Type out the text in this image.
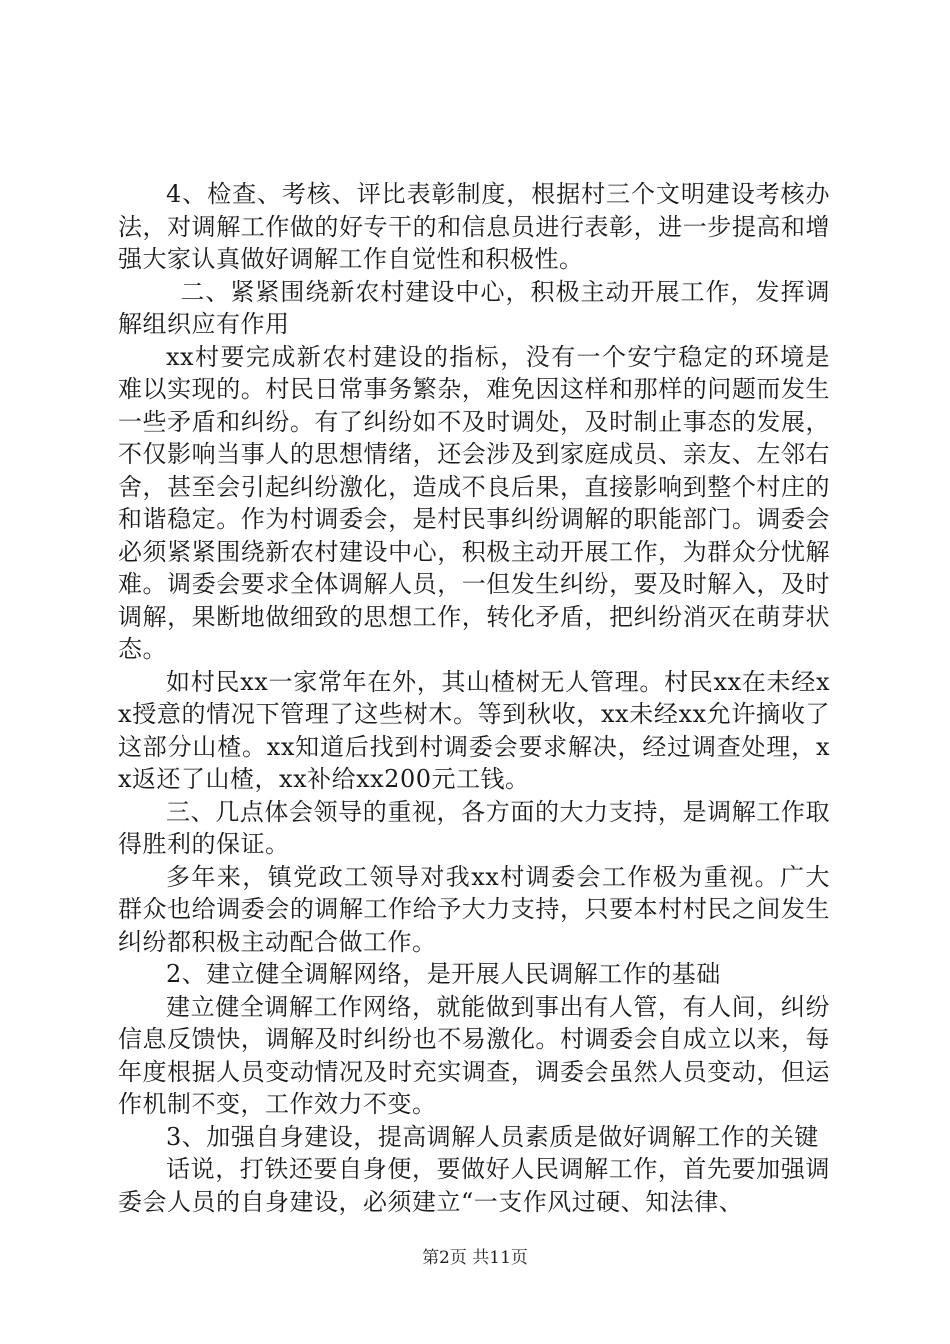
4、检查、考核、评比表彰制度，根据村三个文明建设考核办法，对调解工作做的好专干的和信息员进行表彰，进一步提高和增强大家认真做好调解工作自觉性和积极性。

二、紧紧围绕新农村建设中心，积极主动开展工作，发挥调解组织应有作用

xx村要完成新农村建设的指标，没有一个安宁稳定的环境是难以实现的。村民日常事务繁杂，难免因这样和那样的问题而发生一些矛盾和纠纷。有了纠纷如不及时调处，及时制止事态的发展，不仅影响当事人的思想情绪，还会涉及到家庭成员、亲友、左邻右舍，甚至会引起纠纷激化，造成不良后果，直接影响到整个村庄的和谐稳定。作为村调委会，是村民事纠纷调解的职能部门。调委会必须紧紧围绕新农村建设中心，积极主动开展工作，为群众分忧解难。调委会要求全体调解人员，一但发生纠纷，要及时解入，及时调解，果断地做细致的思想工作，转化矛盾，把纠纷消灭在萌芽状态。

如村民xx一家常年在外，其山楂树无人管理。村民xx在未经xx授意的情况下管理了这些树木。等到秋收，xx未经xx允许摘收了这部分山楂。xx知道后找到村调委会要求解决，经过调查处理，xx返还了山楂，xx补给xx200元工钱。

三、几点体会领导的重视，各方面的大力支持，是调解工作取得胜利的保证。

多年来，镇党政工领导对我xx村调委会工作极为重视。广大群众也给调委会的调解工作给予大力支持，只要本村村民之间发生纠纷都积极主动配合做工作。

2、建立健全调解网络，是开展人民调解工作的基础

建立健全调解工作网络，就能做到事出有人管，有人间，纠纷信息反馈快，调解及时纠纷也不易激化。村调委会自成立以来，每年度根据人员变动情况及时充实调查，调委会虽然人员变动，但运作机制不变，工作效力不变。

3、加强自身建设，提高调解人员素质是做好调解工作的关键

话说，打铁还要自身便，要做好人民调解工作，首先要加强调委会人员的自身建设，必须建立“一支作风过硬、知法律、

第2页 共11页
